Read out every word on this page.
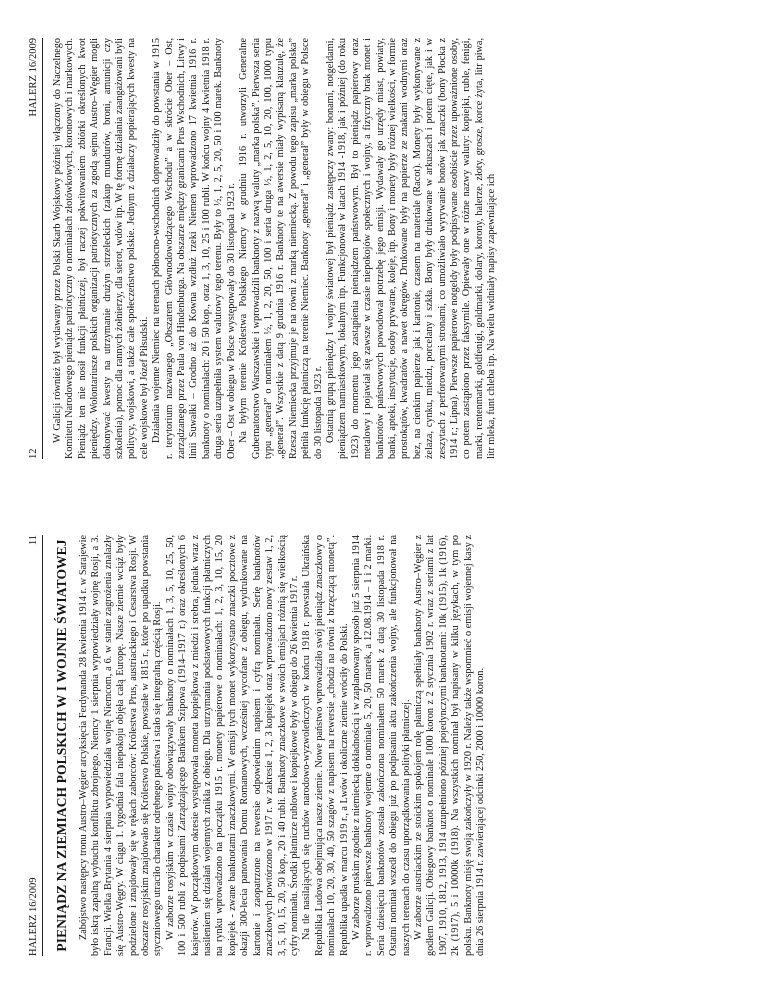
HALERZ 16/2009
11 PIENIĄDZ NA ZIEMIACH POLSKICH W I WOJNIE ŚWIATOWEJ Zabójstwo następcy tronu Austro–Węgier arcyksięcia Ferdynanda 28 kwietnia 1914 r. w Sarajewie było iskrą zapalną wybuchu konfliktu zbrojnego. Niemcy 1 sierpnia wypowiedziały wojnę Rosji, a 3. Francji. Wielka Brytania 4 sierpnia wypowiedziała wojnę Niemcom, a 6. w stanie zagrożenia znalazły się Austro-Węgry. W ciągu 1. tygodnia fala niepokoju objęła całą Europę. Nasze ziemie wciąż były podzielone i znajdowały się w rękach zaborców: Królestwa Prus, austriackiego i Cesarstwa Rosji. W obszarze rosyjskim znajdowało się Królestwo Polskie, powstałe w 1815 r., które po upadku powstania styczniowego utraciło charakter odrębnego państwa i stało się integralną częścią Rosji. W zaborze rosyjskim w czasie wojny obowiązywały banknoty o nominałach 1, 3, 5, 10, 25, 50, 100 i 500 rubli z podpisami Zarządzającego Bankiem Szipowa (1914–1917 r.) oraz określonych 6 kasjerów. W początkowym okresie występowała moneta kopiejkowa z miedzi i srebra, jednak wraz z nasileniem się działań wojennych znikła z obiegu. Dla utrzymania podstawowych funkcji płatniczych na rynku wprowadzono na początku 1915 r. monety papierowe o nominałach: 1, 2, 3, 10, 15, 20 kopiejek - zwane banknotami znaczkowymi. W emisji tych monet wykorzystano znaczki pocztowe z okazji 300-lecia panowania Domu Romanowych, wcześniej wycofane z obiegu, wydrukowane na kartonie i zaopatrzone na rewersie odpowiednim napisem i cyfrą nominału. Serię banknotów znaczkowych powtórzono w 1917 r. w zakresie 1, 2, 3 kopiejek oraz wprowadzono nowy zestaw 1, 2, 3, 5, 10, 15, 20, 50 kop., 20 i 40 rubli. Banknoty znaczkowe w swoich emisjach różnią się wielkością cyfry nominału. Środki płatnicze rublowe i kopiejkowe były w obiegu do 26 kwietnia 1917 r. Na tle nasilających się ruchów narodowo-wyzwoleńczych w końcu 1918 r. powstała Ukraińska Republika Ludowa obejmująca nasze ziemie. Nowe państwo wprowadziło swój pieniądz znaczkowy o nominałach 10, 20, 30, 40, 50 szagów z napisem na rewersie „chodzi na równi z brzęczącą monetą”. Republika upadła w marcu 1919 r., a Lwów i okoliczne ziemie wróciły do Polski. W zaborze pruskim zgodnie z niemiecką dokładnością i w zaplanowany sposób już 5 sierpnia 1914 r. wprowadzono pierwsze banknoty wojenne o nominale 5, 20, 50 marek, a 12.08.1914 – 1 i 2 marki. Seria dziesięciu banknotów została zakończona nominałem 50 marek z datą 30 listopada 1918 r. Ostatni nominał wszedł do obiegu już po podpisaniu aktu zakończenia wojny, ale funkcjonował na naszych terenach do czasu uporządkowania polityki płatniczej. W zaborze austriackim ze stoickim spokojem rolę płatniczą spełniały banknoty Austro–Węgier z godłem Galicji. Obiegowy banknot o nominale 1000 koron z 2 stycznia 1902 r. wraz z seriami z lat 1907, 1910, 1812, 1913, 1914 uzupełniono później pojedynczymi banknotami: 10k (1915), 1k (1916), 2k (1917), 5 i 10000k (1918). Na wszystkich nominał był napisany w kilku językach, w tym po polsku. Banknoty misję swoją zakończyły w 1920 r. Należy także wspomnieć o emisji wojennej kasy z dnia 26 sierpnia 1914 r. zawierającej odcinki 250, 2000 i 10000 koron.

12
HALERZ 16/2009 W Galicji również był wydawany przez Polski Skarb Wojskowy później włączony do Naczelnego Komitetu Narodowego pieniądz patriotyczny o nominałach złotówkowych, koronowych i markowych. Pieniądz ten nie nosił funkcji płatniczej, był raczej pokwitowaniem zbiórki określonych kwot pieniędzy. Wolontariusze polskich organizacji patriotycznych za zgodą sejmu Austro–Węgier mogli dokonywać kwesty na utrzymanie drużyn strzeleckich (zakup mundurów, broni, amunicji czy szkolenia), pomoc dla rannych żołnierzy, dla sierot, wdów itp. W tę formę działania zaangażowani byli politycy, wojskowi, a także całe społeczeństwo polskie. Jednym z działaczy popierających kwesty na cele wojskowe był Józef Piłsudski. Działania wojenne Niemiec na terenach północno-wschodnich doprowadziły do powstania w 1915 r. terytorium nazwanego „Obszarem Głównodowodzącego Wschodu” a w skrócie Ober – Ost, zarządzanego przez Paula von Hindenburga. Na obszarze między granicami Prus Wschodnich, Litwy i linii Suwałki – Grodno aż do Kowna wzdłuż rzeki Niemen wprowadzono 17 kwietnia 1916 r. banknoty o nominałach: 20 i 50 kop., oraz 1, 3, 10, 25 i 100 rubli. W końcu wojny 4 kwietnia 1918 r. druga seria uzupełniła system walutowy tego terenu. Były to ½, 1, 2, 5, 20, 50 i 100 marek. Banknoty Ober – Ost w obiegu w Polsce występowały do 30 listopada 1923 r. Na byłym terenie Królestwa Polskiego Niemcy w grudniu 1916 r. utworzyli Generalne Gubernatorstwo Warszawskie i wprowadzili banknoty z nazwą waluty „marka polska”. Pierwsza seria typu „generał” o nominałem ½, 1, 2, 20, 50, 100 i seria druga ½, 1, 2, 5, 10, 20, 100, 1000 typu „generał”. Wszystkie z datą 9 grudnia 1916 r. Banknoty te na awersie miały wypisaną klauzulę, że Rzesza Niemiecka przyjmuje je na równi z marką niemiecką. Z powodu tego zapisu „marka polska” pełniła funkcję płatniczą na terenie Niemiec. Banknoty „generał” i „generał” były w obiegu w Polsce do 30 listopada 1923 r. Ostatnią grupą pieniędzy I wojny światowej był pieniądz zastępczy zwany: bonami, notgeldami, pieniądzem namiastkowym, lokalnym itp. Funkcjonował w latach 1914 -1918, jak i później (do roku 1923) do momentu jego zastąpienia pieniądzem państwowym. Był to pieniądz papierowy oraz metalowy i pojawiał się zawsze w czasie niepokojów społecznych i wojny, a fizyczny brak monet i banknotów państwowych powodował potrzebę jego emisji. Wydawały go urzędy miast, powiaty, banki, apteki, instytucje, osoby prywatne, koleje, itp. Bony i monety były różnej wielkości, w formie prostokątów, kwadratów a nawet okręgów. Drukowane były na papierze ze znakami wodnymi oraz bez, na cienkim papierze jak i kartonie, czasem na materiale (Racot). Monety były wykonywane z żelaza, cynku, miedzi, porcelany i szkła. Bony były drukowane w arkuszach i potem cięte, jak i w zeszytach z perforowanymi stronami, co umożliwiało wyrywanie bonów jak znaczki (bony Płocka z 1914 r.; Lipna). Pierwsze papierowe notgeldy były podpisywane osobiście przez upoważnione osoby, co potem zastąpiono przez faksymile. Opiewały one w różne nazwy waluty: kopiejki, ruble, fenigi, marki, rentenmarki, goldfenigi, goldmarki, dolary, korony, halerze, złoty, grosze, korce żyta, litr piwa, litr mleka, funt chleba itp. Na wielu widniały napisy zapewniające ich
